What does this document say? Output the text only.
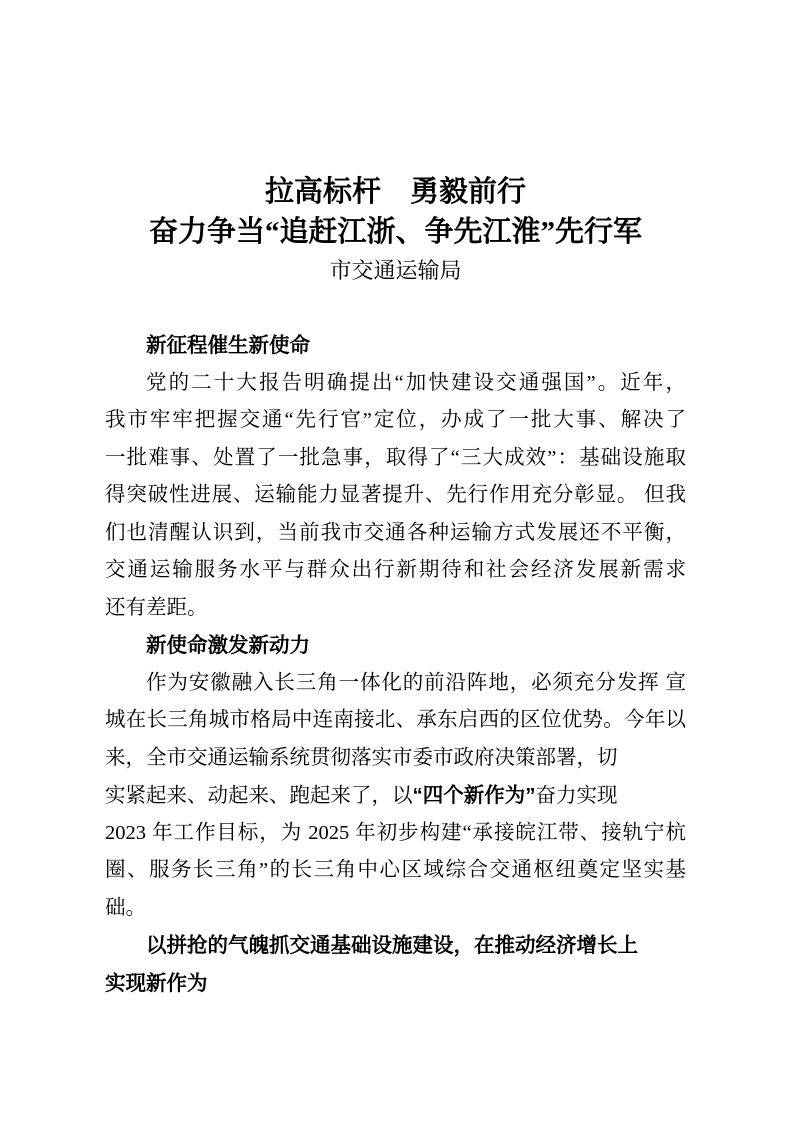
拉高标杆　勇毅前行
奋力争当“追赶江浙、争先江淮”先行军
市交通运输局
新征程催生新使命
党的二十大报告明确提出“加快建设交通强国”。近年，
我市牢牢把握交通“先行官”定位，办成了一批大事、解决了
一批难事、处置了一批急事，取得了“三大成效”：基础设施取
得突破性进展、运输能力显著提升、先行作用充分彰显。 但我
们也清醒认识到，当前我市交通各种运输方式发展还不平衡，
交通运输服务水平与群众出行新期待和社会经济发展新需求
还有差距。
新使命激发新动力
作为安徽融入长三角一体化的前沿阵地，必须充分发挥 宣
城在长三角城市格局中连南接北、承东启西的区位优势。今年以
来，全市交通运输系统贯彻落实市委市政府决策部署，切
实紧起来、动起来、跑起来了，以“四个新作为”奋力实现
2023 年工作目标，为 2025 年初步构建“承接皖江带、接轨宁杭
圈、服务长三角”的长三角中心区域综合交通枢纽奠定坚实基
础。
以拼抢的气魄抓交通基础设施建设，在推动经济增长上
实现新作为
